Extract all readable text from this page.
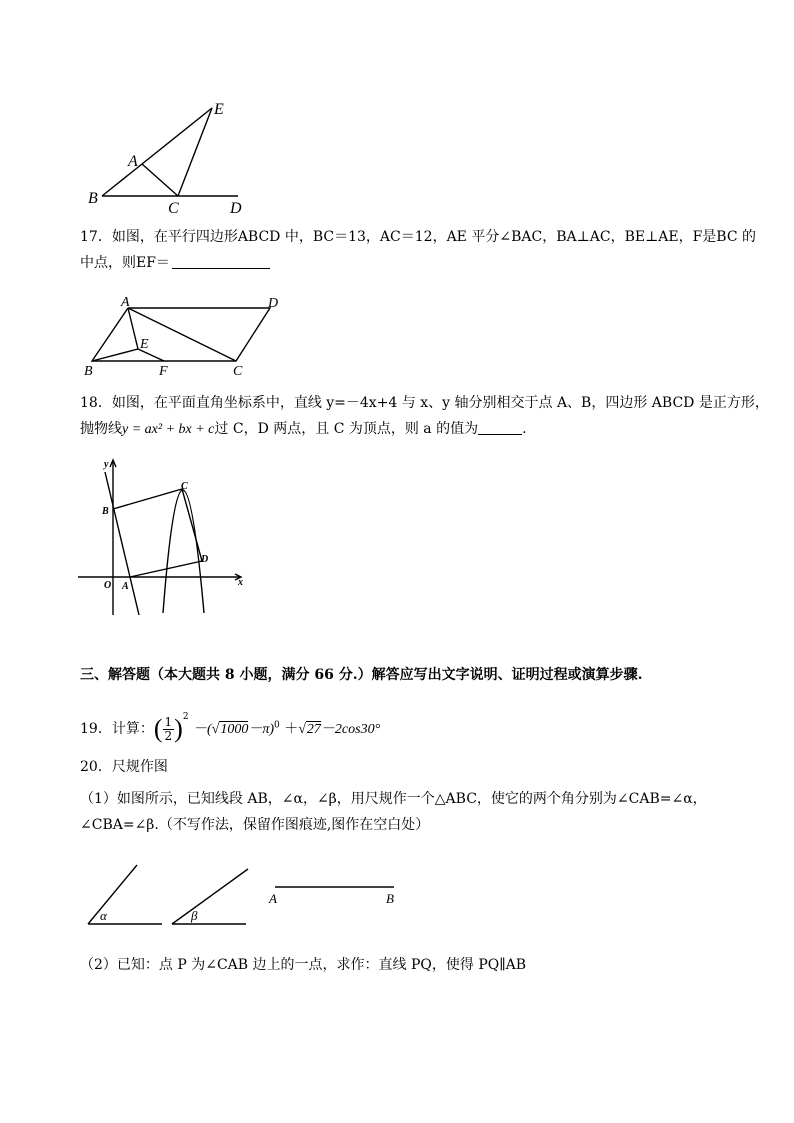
E
A
B
C	D
17．如图，在平行四边形ABCD 中，BC＝13，AC＝12，AE 平分∠BAC，BA⊥AC，BE⊥AE，F是BC 的
中点，则EF＝
A	D
E
B	F	C
18．如图，在平面直角坐标系中，直线 y=－4x+4 与 x、y 轴分别相交于点 A、B，四边形 ABCD 是正方形，
抛物线y = ax² + bx + c过 C，D 两点，且 C 为顶点，则 a 的值为	.
y
x
O A
B
C
D
三、解答题（本大题共 8 小题，满分 66 分.）解答应写出文字说明、证明过程或演算步骤.
19．计算：( $\frac{1}{2} )^2 -(√1000-\pi)^0 +√27-2\cos 30^\circ$
20．尺规作图
（1）如图所示，已知线段 AB，∠α，∠β，用尺规作一个△ABC，使它的两个角分别为∠CAB=∠α，
∠CBA=∠β.（不写作法，保留作图痕迹,图作在空白处）
α	β
A	B
（2）已知：点 P 为∠CAB 边上的一点，求作：直线 PQ，使得 PQ∥AB
